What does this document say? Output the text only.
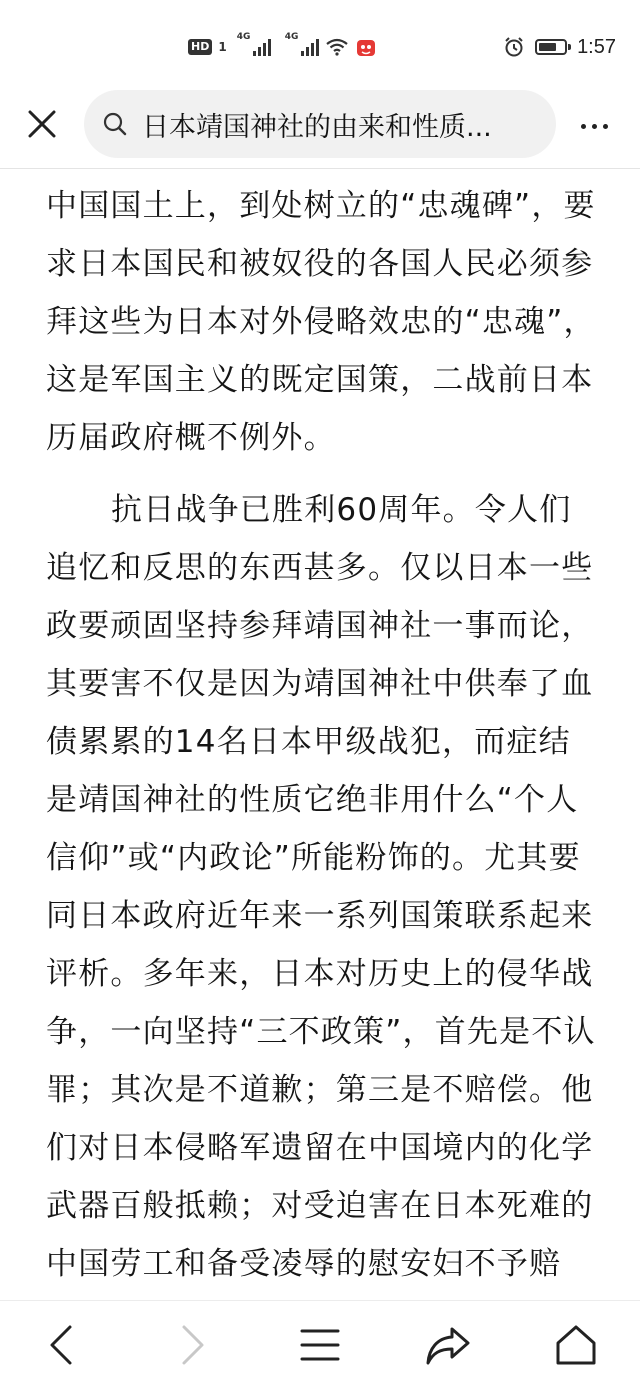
HD 1
4G	4G	1:57
日本靖国神社的由来和性质...

中国国土上，到处树立的“忠魂碑”，要求日本国民和被奴役的各国人民必须参拜这些为日本对外侵略效忠的“忠魂”，这是军国主义的既定国策，二战前日本历届政府概不例外。

抗日战争已胜利60周年。令人们追忆和反思的东西甚多。仅以日本一些政要顽固坚持参拜靖国神社一事而论，其要害不仅是因为靖国神社中供奉了血债累累的14名日本甲级战犯，而症结是靖国神社的性质它绝非用什么“个人信仰”或“内政论”所能粉饰的。尤其要同日本政府近年来一系列国策联系起来评析。多年来，日本对历史上的侵华战争，一向坚持“三不政策”，首先是不认罪；其次是不道歉；第三是不赔偿。他们对日本侵略军遗留在中国境内的化学武器百般抵赖；对受迫害在日本死难的中国劳工和备受凌辱的慰安妇不予赔
